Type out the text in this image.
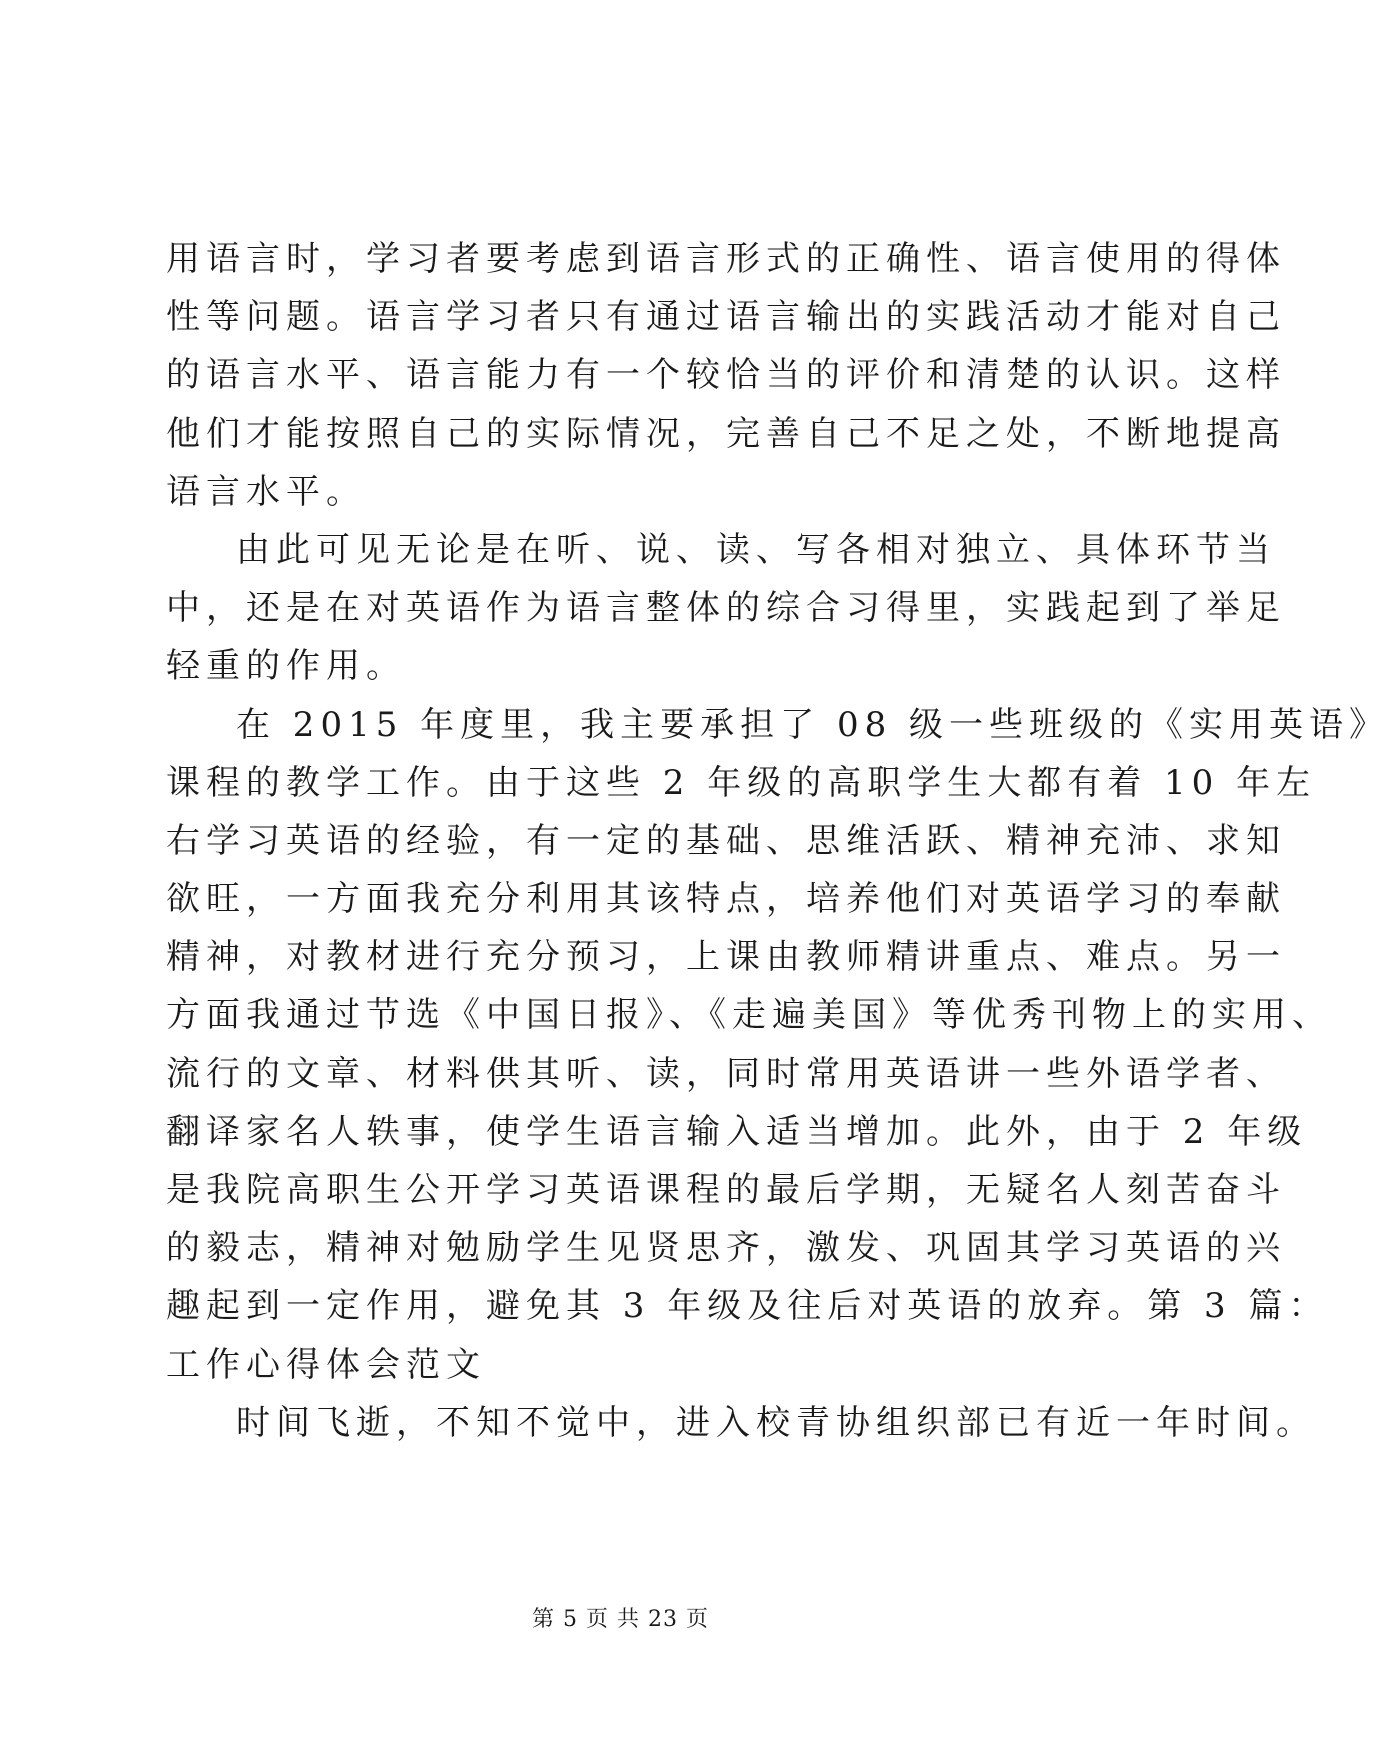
用语言时，学习者要考虑到语言形式的正确性、语言使用的得体
性等问题。语言学习者只有通过语言输出的实践活动才能对自己
的语言水平、语言能力有一个较恰当的评价和清楚的认识。这样
他们才能按照自己的实际情况，完善自己不足之处，不断地提高
语言水平。
由此可见无论是在听、说、读、写各相对独立、具体环节当
中，还是在对英语作为语言整体的综合习得里，实践起到了举足
轻重的作用。
在 2015 年度里，我主要承担了 08 级一些班级的《实用英语》
课程的教学工作。由于这些 2 年级的高职学生大都有着 10 年左
右学习英语的经验，有一定的基础、思维活跃、精神充沛、求知
欲旺，一方面我充分利用其该特点，培养他们对英语学习的奉献
精神，对教材进行充分预习，上课由教师精讲重点、难点。另一
方面我通过节选《中国日报》、《走遍美国》等优秀刊物上的实用、
流行的文章、材料供其听、读，同时常用英语讲一些外语学者、
翻译家名人轶事，使学生语言输入适当增加。此外，由于 2 年级
是我院高职生公开学习英语课程的最后学期，无疑名人刻苦奋斗
的毅志，精神对勉励学生见贤思齐，激发、巩固其学习英语的兴
趣起到一定作用，避免其 3 年级及往后对英语的放弃。第 3 篇：
工作心得体会范文
时间飞逝，不知不觉中，进入校青协组织部已有近一年时间。
第 5 页 共 23 页
